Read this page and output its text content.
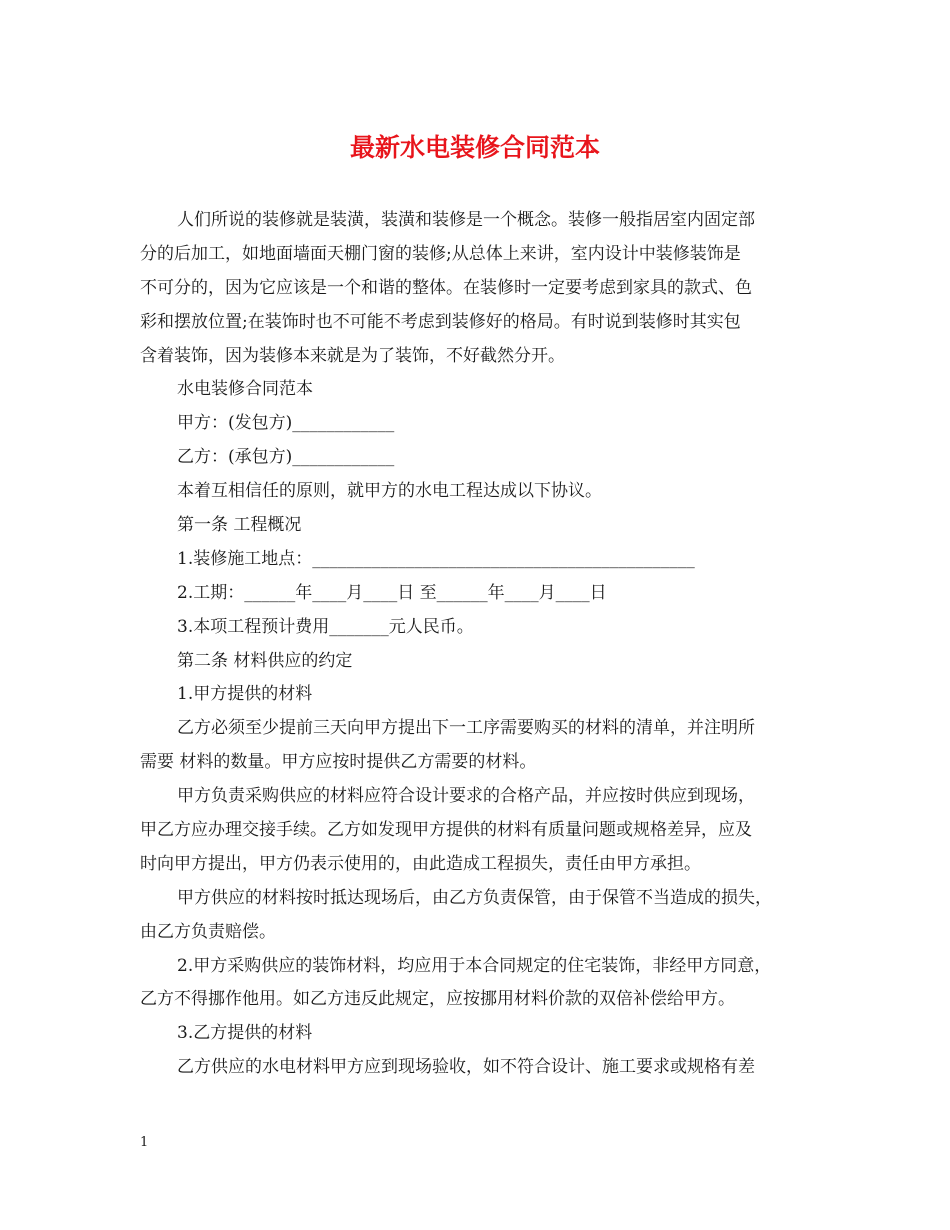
最新水电装修合同范本
人们所说的装修就是装潢，装潢和装修是一个概念。装修一般指居室内固定部
分的后加工，如地面墙面天棚门窗的装修;从总体上来讲，室内设计中装修装饰是
不可分的，因为它应该是一个和谐的整体。在装修时一定要考虑到家具的款式、色
彩和摆放位置;在装饰时也不可能不考虑到装修好的格局。有时说到装修时其实包
含着装饰，因为装修本来就是为了装饰，不好截然分开。
水电装修合同范本
甲方：(发包方)____________
乙方：(承包方)____________
本着互相信任的原则，就甲方的水电工程达成以下协议。
第一条 工程概况
1.装修施工地点：_____________________________________________
2.工期：______年____月____日 至______年____月____日
3.本项工程预计费用_______元人民币。
第二条 材料供应的约定
1.甲方提供的材料
乙方必须至少提前三天向甲方提出下一工序需要购买的材料的清单，并注明所
需要 材料的数量。甲方应按时提供乙方需要的材料。
甲方负责采购供应的材料应符合设计要求的合格产品，并应按时供应到现场，
甲乙方应办理交接手续。乙方如发现甲方提供的材料有质量问题或规格差异，应及
时向甲方提出，甲方仍表示使用的，由此造成工程损失，责任由甲方承担。
甲方供应的材料按时抵达现场后，由乙方负责保管，由于保管不当造成的损失，
由乙方负责赔偿。
2.甲方采购供应的装饰材料，均应用于本合同规定的住宅装饰，非经甲方同意，
乙方不得挪作他用。如乙方违反此规定，应按挪用材料价款的双倍补偿给甲方。
3.乙方提供的材料
乙方供应的水电材料甲方应到现场验收，如不符合设计、施工要求或规格有差
1
